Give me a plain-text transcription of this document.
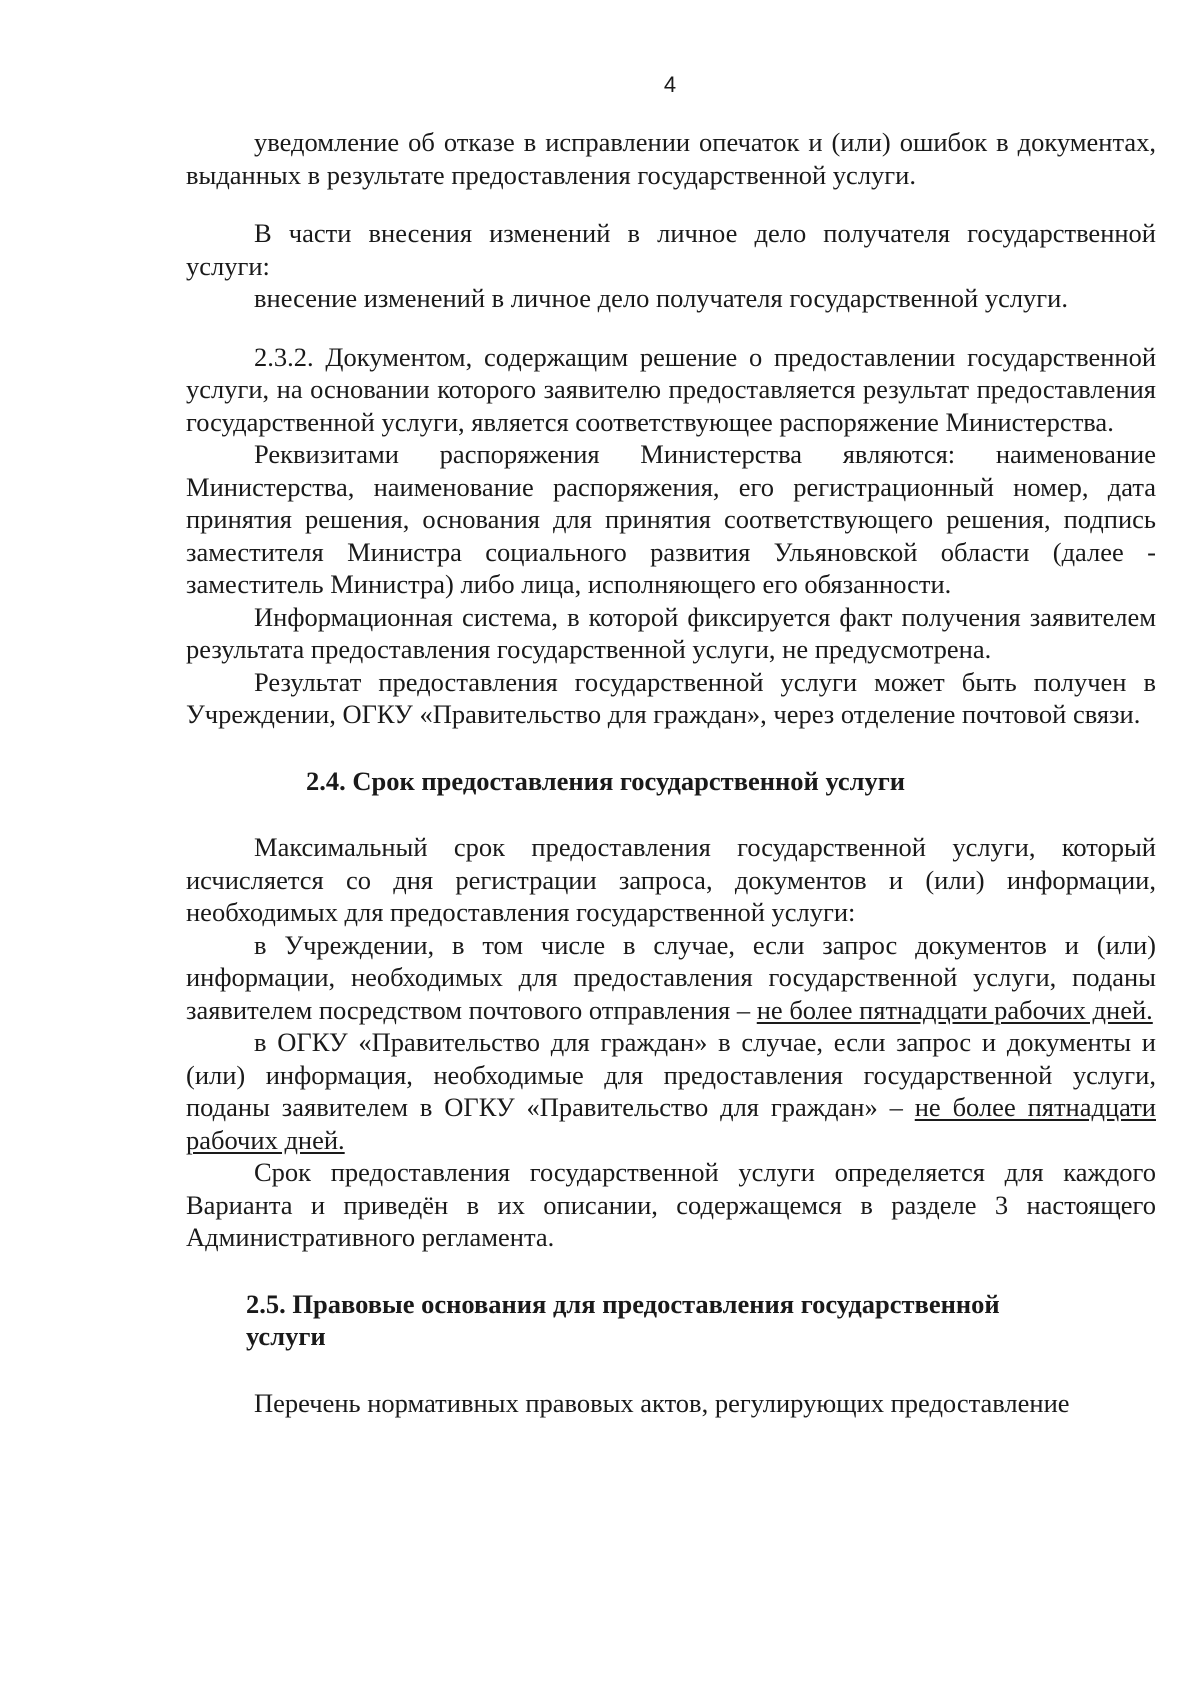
4

уведомление об отказе в исправлении опечаток и (или) ошибок в документах, выданных в результате предоставления государственной услуги.

В части внесения изменений в личное дело получателя государственной услуги:

внесение изменений в личное дело получателя государственной услуги.

2.3.2. Документом, содержащим решение о предоставлении государственной услуги, на основании которого заявителю предоставляется результат предоставления государственной услуги, является соответствующее распоряжение Министерства.

Реквизитами распоряжения Министерства являются: наименование Министерства, наименование распоряжения, его регистрационный номер, дата принятия решения, основания для принятия соответствующего решения, подпись заместителя Министра социального развития Ульяновской области (далее - заместитель Министра) либо лица, исполняющего его обязанности.

Информационная система, в которой фиксируется факт получения заявителем результата предоставления государственной услуги, не предусмотрена.

Результат предоставления государственной услуги может быть получен в Учреждении, ОГКУ «Правительство для граждан», через отделение почтовой связи.

2.4. Срок предоставления государственной услуги

Максимальный срок предоставления государственной услуги, который исчисляется со дня регистрации запроса, документов и (или) информации, необходимых для предоставления государственной услуги:

в Учреждении, в том числе в случае, если запрос документов и (или) информации, необходимых для предоставления государственной услуги, поданы заявителем посредством почтового отправления – не более пятнадцати рабочих дней.

в ОГКУ «Правительство для граждан» в случае, если запрос и документы и (или) информация, необходимые для предоставления государственной услуги, поданы заявителем в ОГКУ «Правительство для граждан» – не более пятнадцати рабочих дней.

Срок предоставления государственной услуги определяется для каждого Варианта и приведён в их описании, содержащемся в разделе 3 настоящего Административного регламента.

2.5. Правовые основания для предоставления государственной

услуги

Перечень нормативных правовых актов, регулирующих предоставление
